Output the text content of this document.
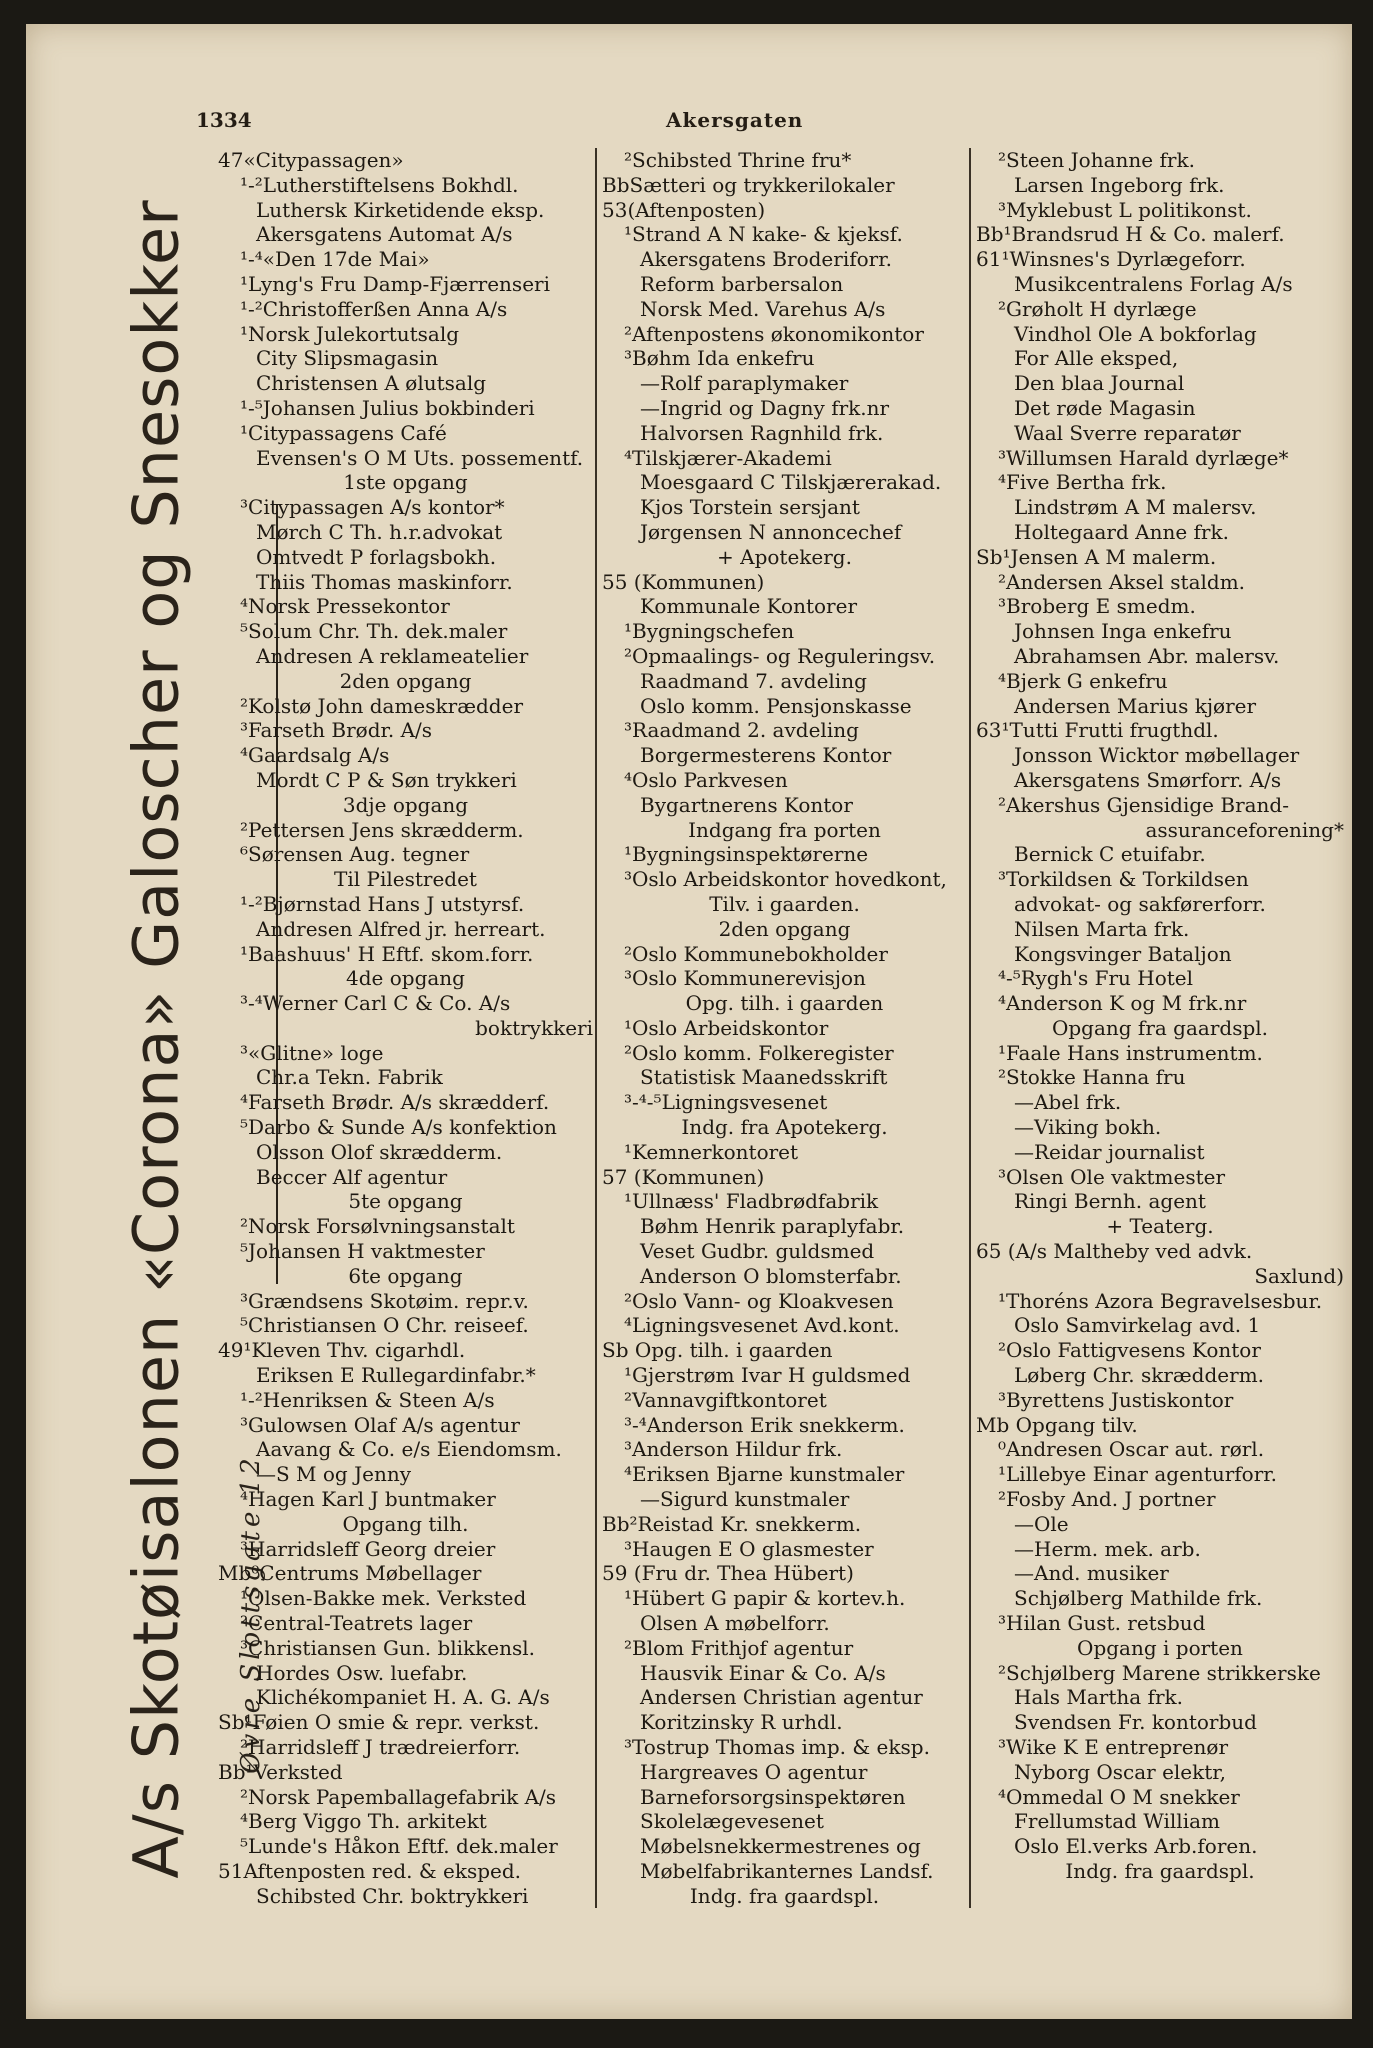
1334	Akersgaten
A/s Skotøisalonen «Corona» Galoscher og Snesokker Øvre Slottsgate 12
47«Citypassagen»
¹-²Lutherstiftelsens Bokhdl.
Luthersk Kirketidende eksp.
Akersgatens Automat A/s
¹-⁴«Den 17de Mai»
¹Lyng's Fru Damp-Fjærrenseri
¹-²Christofferßen Anna A/s
¹Norsk Julekortutsalg
City Slipsmagasin
Christensen A ølutsalg
¹-⁵Johansen Julius bokbinderi
¹Citypassagens Café
Evensen's O M Uts. possementf.
1ste opgang
³Citypassagen A/s kontor*
Mørch C Th. h.r.advokat
Omtvedt P forlagsbokh.
Thiis Thomas maskinforr.
⁴Norsk Pressekontor
⁵Solum Chr. Th. dek.maler
Andresen A reklameatelier
2den opgang
²Kolstø John dameskrædder
³Farseth Brødr. A/s
⁴Gaardsalg A/s
Mordt C P & Søn trykkeri
3dje opgang
²Pettersen Jens skrædderm.
⁶Sørensen Aug. tegner
Til Pilestredet
¹-²Bjørnstad Hans J utstyrsf.
Andresen Alfred jr. herreart.
¹Baashuus' H Eftf. skom.forr.
4de opgang
³-⁴Werner Carl C & Co. A/s
boktrykkeri
³«Glitne» loge
Chr.a Tekn. Fabrik
⁴Farseth Brødr. A/s skrædderf.
⁵Darbo & Sunde A/s konfektion
Olsson Olof skrædderm.
Beccer Alf agentur
5te opgang
²Norsk Forsølvningsanstalt
⁵Johansen H vaktmester
6te opgang
³Grændsens Skotøim. repr.v.
⁵Christiansen O Chr. reiseef.
49¹Kleven Thv. cigarhdl.
Eriksen E Rullegardinfabr.*
¹-²Henriksen & Steen A/s
³Gulowsen Olaf A/s agentur
Aavang & Co. e/s Eiendomsm.
—S M og Jenny
⁴Hagen Karl J buntmaker
Opgang tilh.
³Harridsleff Georg dreier
Mb⁰Centrums Møbellager
¹Olsen-Bakke mek. Verksted
²Central-Teatrets lager
³Christiansen Gun. blikkensl.
Hordes Osw. luefabr.
Klichékompaniet H. A. G. A/s
Sb¹Føien O smie & repr. verkst.
²Harridsleff J trædreierforr.
Bb¹Verksted
²Norsk Papemballagefabrik A/s
⁴Berg Viggo Th. arkitekt
⁵Lunde's Håkon Eftf. dek.maler
51Aftenposten red. & eksped.
Schibsted Chr. boktrykkeri
²Schibsted Thrine fru*
BbSætteri og trykkerilokaler
53(Aftenposten)
¹Strand A N kake- & kjeksf.
Akersgatens Broderiforr.
Reform barbersalon
Norsk Med. Varehus A/s
²Aftenpostens økonomikontor
³Bøhm Ida enkefru
—Rolf paraplymaker
—Ingrid og Dagny frk.nr
Halvorsen Ragnhild frk.
⁴Tilskjærer-Akademi
Moesgaard C Tilskjærerakad.
Kjos Torstein sersjant
Jørgensen N annoncechef
+ Apotekerg.
55 (Kommunen)
Kommunale Kontorer
¹Bygningschefen
²Opmaalings- og Reguleringsv.
Raadmand 7. avdeling
Oslo komm. Pensjonskasse
³Raadmand 2. avdeling
Borgermesterens Kontor
⁴Oslo Parkvesen
Bygartnerens Kontor
Indgang fra porten
¹Bygningsinspektørerne
³Oslo Arbeidskontor hovedkont,
Tilv. i gaarden.
2den opgang
²Oslo Kommunebokholder
³Oslo Kommunerevisjon
Opg. tilh. i gaarden
¹Oslo Arbeidskontor
²Oslo komm. Folkeregister
Statistisk Maanedsskrift
³-⁴-⁵Ligningsvesenet
Indg. fra Apotekerg.
¹Kemnerkontoret
57 (Kommunen)
¹Ullnæss' Fladbrødfabrik
Bøhm Henrik paraplyfabr.
Veset Gudbr. guldsmed
Anderson O blomsterfabr.
²Oslo Vann- og Kloakvesen
⁴Ligningsvesenet Avd.kont.
Sb Opg. tilh. i gaarden
¹Gjerstrøm Ivar H guldsmed
²Vannavgiftkontoret
³-⁴Anderson Erik snekkerm.
³Anderson Hildur frk.
⁴Eriksen Bjarne kunstmaler
—Sigurd kunstmaler
Bb²Reistad Kr. snekkerm.
³Haugen E O glasmester
59 (Fru dr. Thea Hübert)
¹Hübert G papir & kortev.h.
Olsen A møbelforr.
²Blom Frithjof agentur
Hausvik Einar & Co. A/s
Andersen Christian agentur
Koritzinsky R urhdl.
³Tostrup Thomas imp. & eksp.
Hargreaves O agentur
Barneforsorgsinspektøren
Skolelægevesenet
Møbelsnekkermestrenes og
Møbelfabrikanternes Landsf.
Indg. fra gaardspl.
²Steen Johanne frk.
Larsen Ingeborg frk.
³Myklebust L politikonst.
Bb¹Brandsrud H & Co. malerf.
61¹Winsnes's Dyrlægeforr.
Musikcentralens Forlag A/s
²Grøholt H dyrlæge
Vindhol Ole A bokforlag
For Alle eksped,
Den blaa Journal
Det røde Magasin
Waal Sverre reparatør
³Willumsen Harald dyrlæge*
⁴Five Bertha frk.
Lindstrøm A M malersv.
Holtegaard Anne frk.
Sb¹Jensen A M malerm.
²Andersen Aksel staldm.
³Broberg E smedm.
Johnsen Inga enkefru
Abrahamsen Abr. malersv.
⁴Bjerk G enkefru
Andersen Marius kjører
63¹Tutti Frutti frugthdl.
Jonsson Wicktor møbellager
Akersgatens Smørforr. A/s
²Akershus Gjensidige Brand-
assuranceforening*
Bernick C etuifabr.
³Torkildsen & Torkildsen
advokat- og sakførerforr.
Nilsen Marta frk.
Kongsvinger Bataljon
⁴-⁵Rygh's Fru Hotel
⁴Anderson K og M frk.nr
Opgang fra gaardspl.
¹Faale Hans instrumentm.
²Stokke Hanna fru
—Abel frk.
—Viking bokh.
—Reidar journalist
³Olsen Ole vaktmester
Ringi Bernh. agent
+ Teaterg.
65 (A/s Maltheby ved advk.
Saxlund)
¹Thoréns Azora Begravelsesbur.
Oslo Samvirkelag avd. 1
²Oslo Fattigvesens Kontor
Løberg Chr. skrædderm.
³Byrettens Justiskontor
Mb Opgang tilv.
⁰Andresen Oscar aut. rørl.
¹Lillebye Einar agenturforr.
²Fosby And. J portner
—Ole
—Herm. mek. arb.
—And. musiker
Schjølberg Mathilde frk.
³Hilan Gust. retsbud
Opgang i porten
²Schjølberg Marene strikkerske
Hals Martha frk.
Svendsen Fr. kontorbud
³Wike K E entreprenør
Nyborg Oscar elektr,
⁴Ommedal O M snekker
Frellumstad William
Oslo El.verks Arb.foren.
Indg. fra gaardspl.
